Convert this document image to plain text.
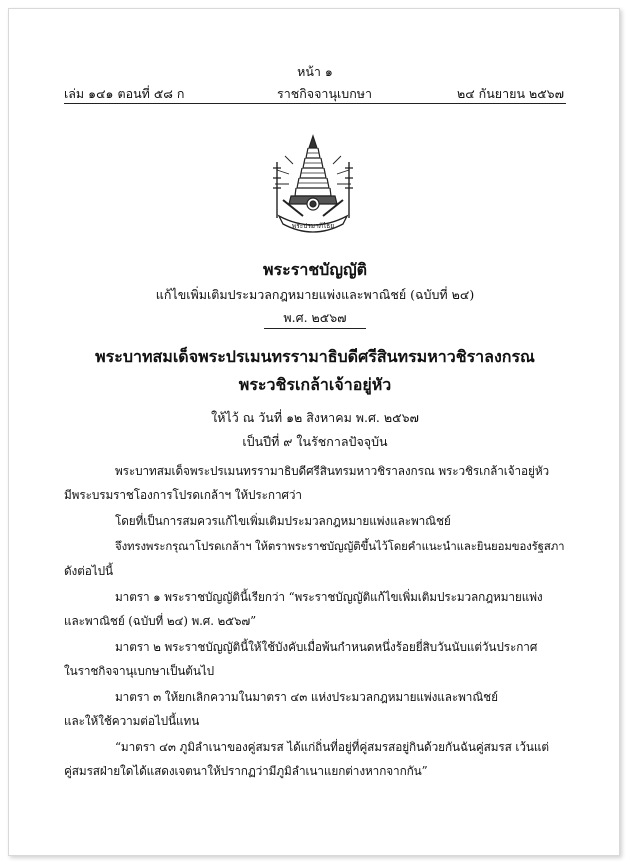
หน้า ๑
เล่ม ๑๔๑ ตอนที่ ๕๘ ก	ราชกิจจานุเบกษา	๒๔ กันยายน ๒๕๖๗
พระปรมาภิไธย
พระราชบัญญัติ
แก้ไขเพิ่มเติมประมวลกฎหมายแพ่งและพาณิชย์ (ฉบับที่ ๒๔)
พ.ศ. ๒๕๖๗
พระบาทสมเด็จพระปรเมนทรรามาธิบดีศรีสินทรมหาวชิราลงกรณ
พระวชิรเกล้าเจ้าอยู่หัว
ให้ไว้ ณ วันที่ ๑๒ สิงหาคม พ.ศ. ๒๕๖๗
เป็นปีที่ ๙ ในรัชกาลปัจจุบัน
พระบาทสมเด็จพระปรเมนทรรามาธิบดีศรีสินทรมหาวชิราลงกรณ พระวชิรเกล้าเจ้าอยู่หัว
มีพระบรมราชโองการโปรดเกล้าฯ ให้ประกาศว่า
โดยที่เป็นการสมควรแก้ไขเพิ่มเติมประมวลกฎหมายแพ่งและพาณิชย์
จึงทรงพระกรุณาโปรดเกล้าฯ ให้ตราพระราชบัญญัติขึ้นไว้โดยคำแนะนำและยินยอมของรัฐสภา
ดังต่อไปนี้
มาตรา ๑ พระราชบัญญัตินี้เรียกว่า “พระราชบัญญัติแก้ไขเพิ่มเติมประมวลกฎหมายแพ่ง
และพาณิชย์ (ฉบับที่ ๒๔) พ.ศ. ๒๕๖๗”
มาตรา ๒ พระราชบัญญัตินี้ให้ใช้บังคับเมื่อพ้นกำหนดหนึ่งร้อยยี่สิบวันนับแต่วันประกาศ
ในราชกิจจานุเบกษาเป็นต้นไป
มาตรา ๓ ให้ยกเลิกความในมาตรา ๔๓ แห่งประมวลกฎหมายแพ่งและพาณิชย์
และให้ใช้ความต่อไปนี้แทน
“มาตรา ๔๓ ภูมิลำเนาของคู่สมรส ได้แก่ถิ่นที่อยู่ที่คู่สมรสอยู่กินด้วยกันฉันคู่สมรส เว้นแต่
คู่สมรสฝ่ายใดได้แสดงเจตนาให้ปรากฏว่ามีภูมิลำเนาแยกต่างหากจากกัน”
